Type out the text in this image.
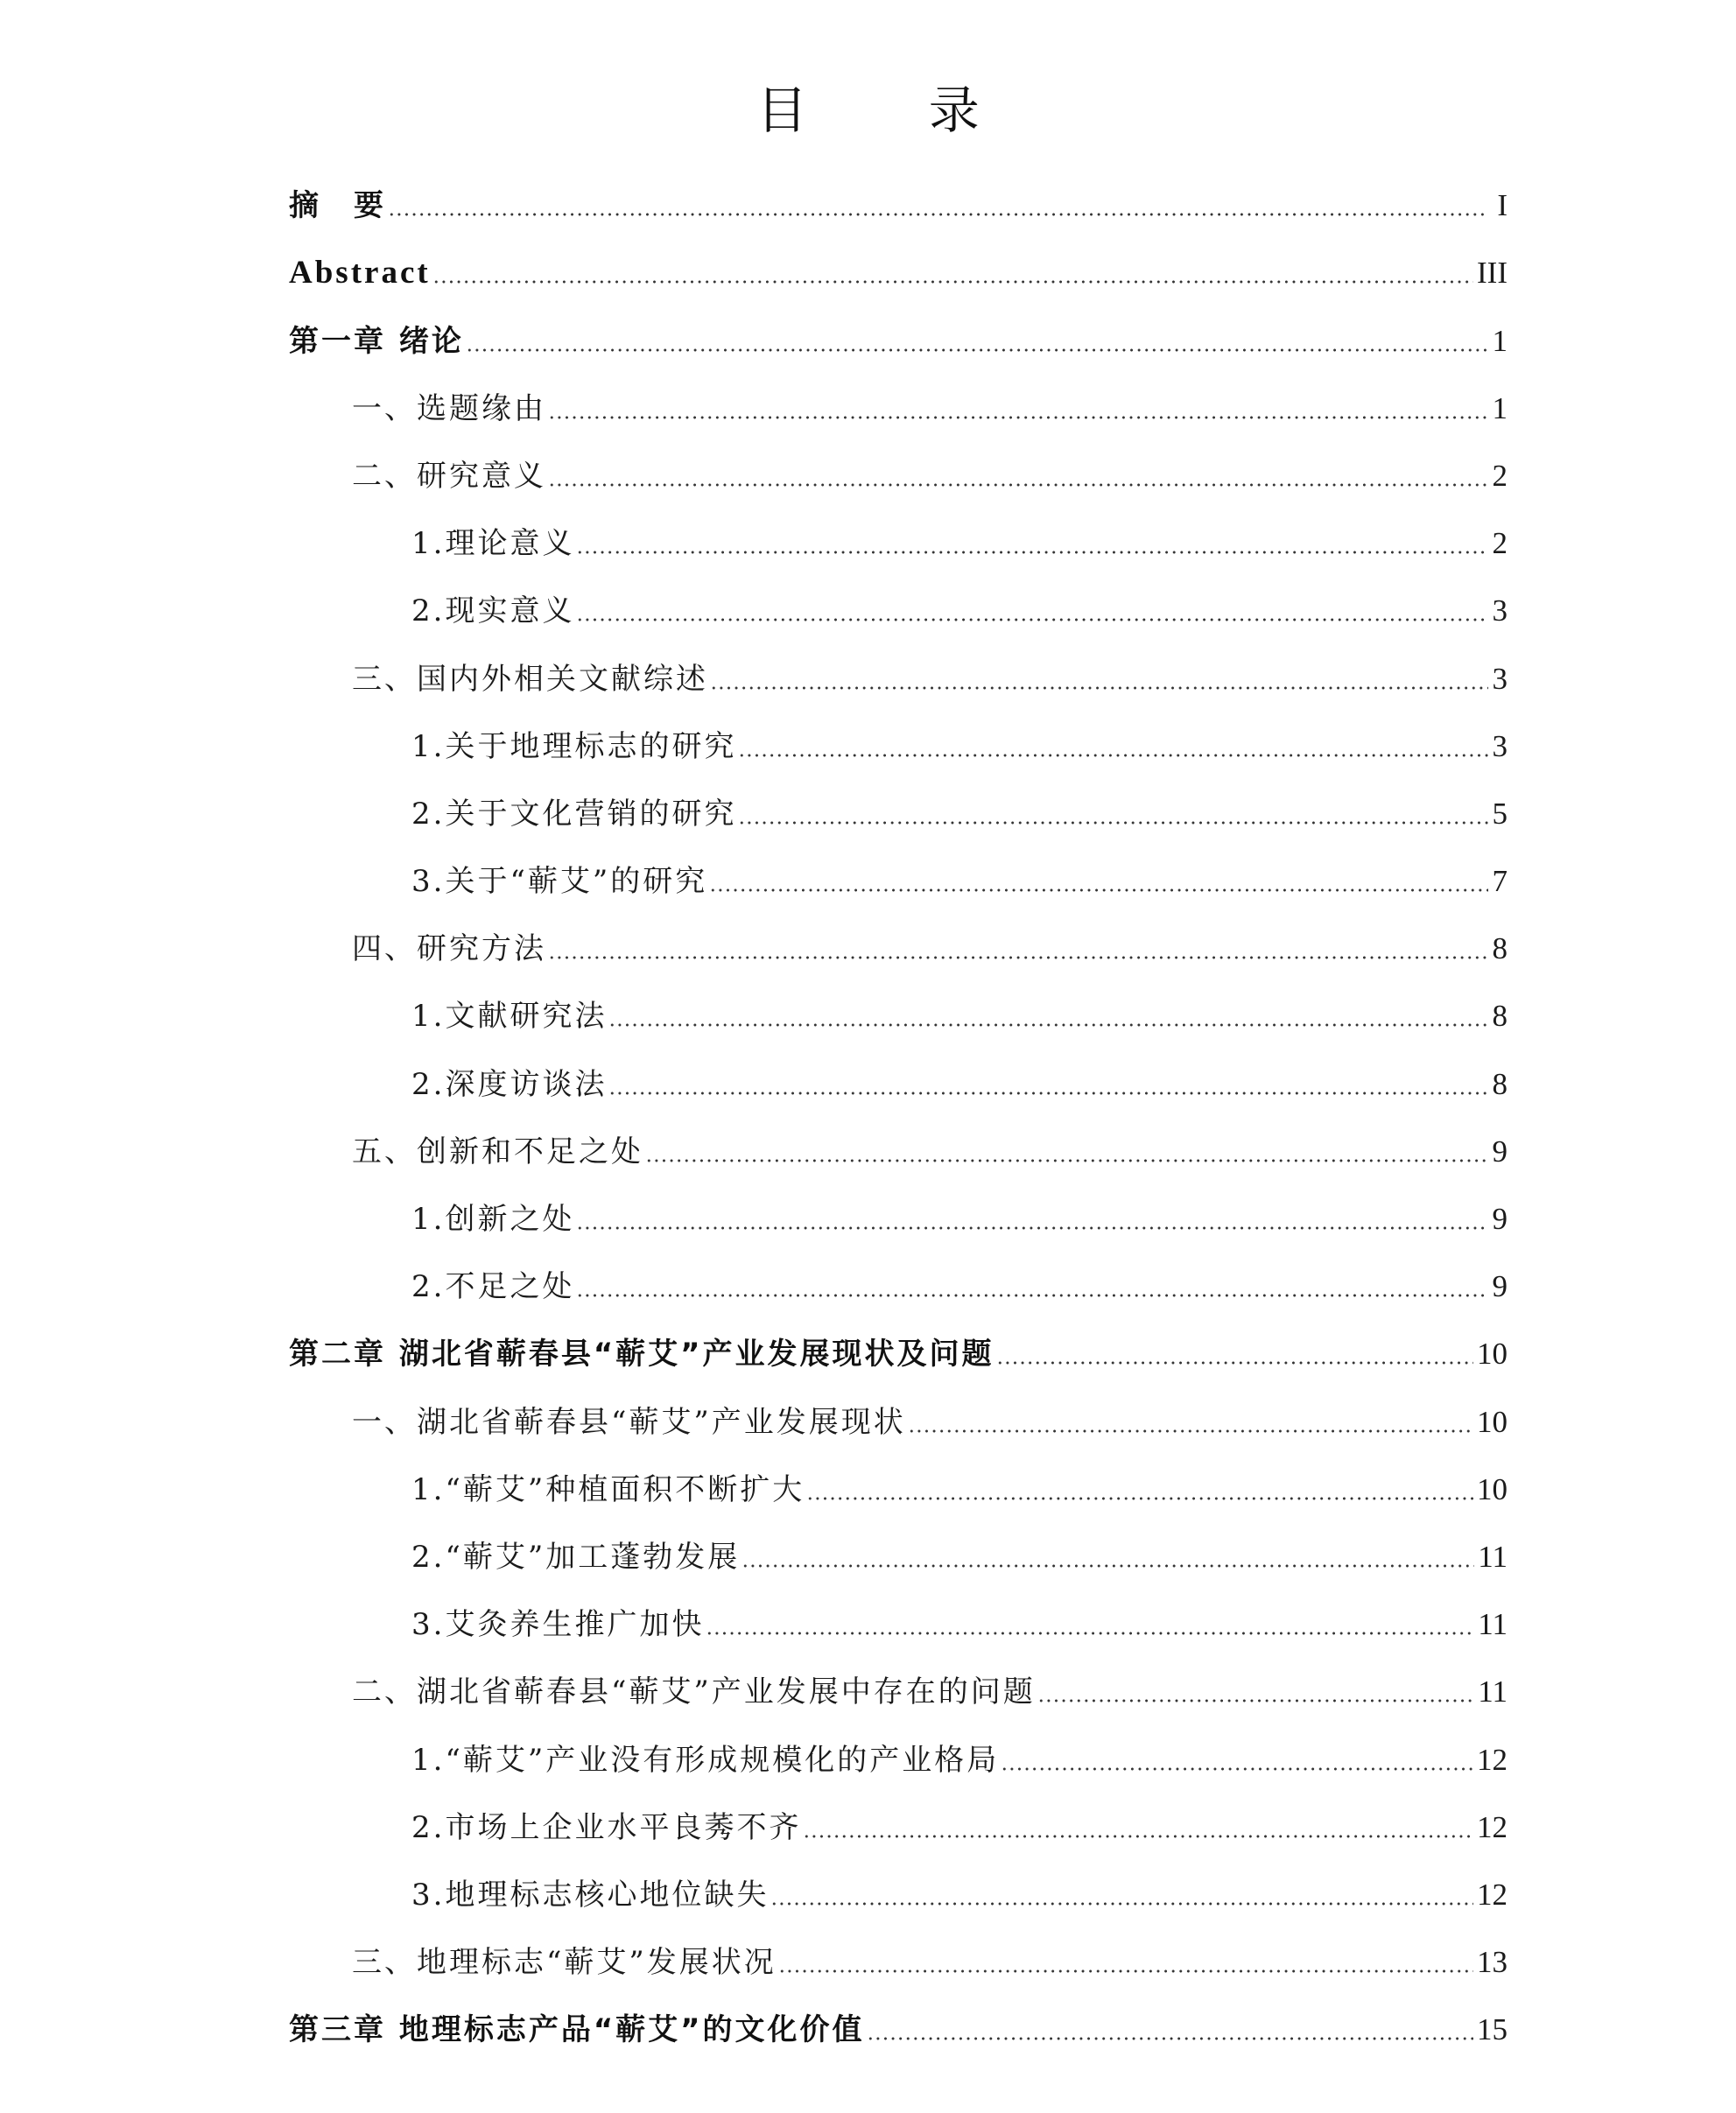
目 录
摘　要	I
Abstract	III
第一章 绪论	1
一、选题缘由	1
二、研究意义	2
1.理论意义	2
2.现实意义	3
三、国内外相关文献综述	3
1.关于地理标志的研究	3
2.关于文化营销的研究	5
3.关于“蕲艾”的研究	7
四、研究方法	8
1.文献研究法	8
2.深度访谈法	8
五、创新和不足之处	9
1.创新之处	9
2.不足之处	9
第二章 湖北省蕲春县“蕲艾”产业发展现状及问题	10
一、湖北省蕲春县“蕲艾”产业发展现状	10
1.“蕲艾”种植面积不断扩大	10
2.“蕲艾”加工蓬勃发展	11
3.艾灸养生推广加快	11
二、湖北省蕲春县“蕲艾”产业发展中存在的问题	11
1.“蕲艾”产业没有形成规模化的产业格局	12
2.市场上企业水平良莠不齐	12
3.地理标志核心地位缺失	12
三、地理标志“蕲艾”发展状况	13
第三章 地理标志产品“蕲艾”的文化价值	15
